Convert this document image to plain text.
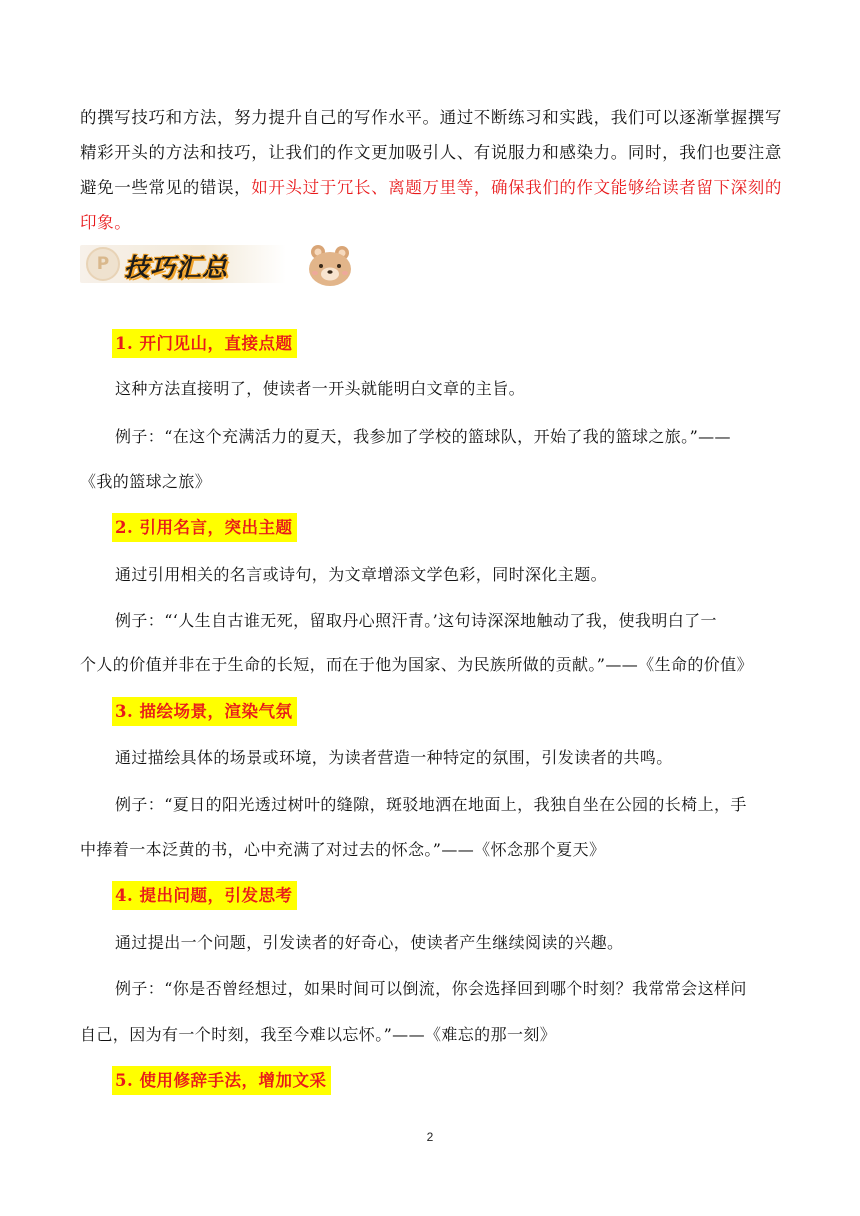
的撰写技巧和方法，努力提升自己的写作水平。通过不断练习和实践，我们可以逐渐掌握撰写精彩开头的方法和技巧，让我们的作文更加吸引人、有说服力和感染力。同时，我们也要注意避免一些常见的错误，如开头过于冗长、离题万里等，确保我们的作文能够给读者留下深刻的印象。
P 技巧汇总
1. 开门见山，直接点题
这种方法直接明了，使读者一开头就能明白文章的主旨。
例子：“在这个充满活力的夏天，我参加了学校的篮球队，开始了我的篮球之旅。”——
《我的篮球之旅》
2. 引用名言，突出主题
通过引用相关的名言或诗句，为文章增添文学色彩，同时深化主题。
例子：“‘人生自古谁无死，留取丹心照汗青。’这句诗深深地触动了我，使我明白了一
个人的价值并非在于生命的长短，而在于他为国家、为民族所做的贡献。”——《生命的价值》
3. 描绘场景，渲染气氛
通过描绘具体的场景或环境，为读者营造一种特定的氛围，引发读者的共鸣。
例子：“夏日的阳光透过树叶的缝隙，斑驳地洒在地面上，我独自坐在公园的长椅上，手
中捧着一本泛黄的书，心中充满了对过去的怀念。”——《怀念那个夏天》
4. 提出问题，引发思考
通过提出一个问题，引发读者的好奇心，使读者产生继续阅读的兴趣。
例子：“你是否曾经想过，如果时间可以倒流，你会选择回到哪个时刻？我常常会这样问
自己，因为有一个时刻，我至今难以忘怀。”——《难忘的那一刻》
5. 使用修辞手法，增加文采
2
